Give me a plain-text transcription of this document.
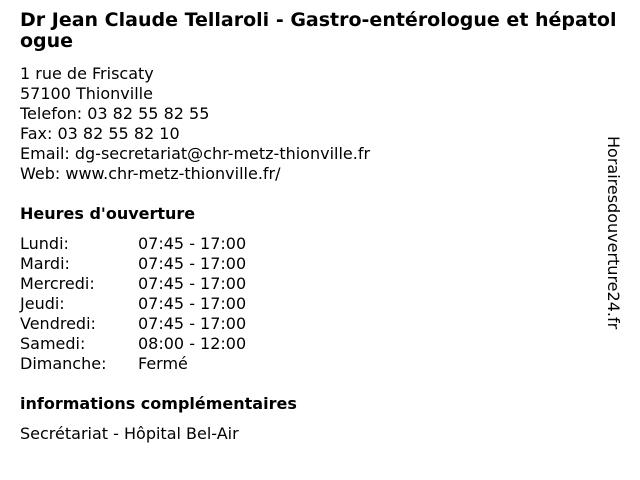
Dr Jean Claude Tellaroli - Gastro-entérologue et hépatologue
1 rue de Friscaty
57100 Thionville
Telefon: 03 82 55 82 55
Fax: 03 82 55 82 10
Email: dg-secretariat@chr-metz-thionville.fr
Web: www.chr-metz-thionville.fr/
Heures d'ouverture
Lundi:	07:45 - 17:00
Mardi:	07:45 - 17:00
Mercredi:	07:45 - 17:00
Jeudi:	07:45 - 17:00
Vendredi:	07:45 - 17:00
Samedi:	08:00 - 12:00
Dimanche:	Fermé
informations complémentaires
Secrétariat - Hôpital Bel-Air
Horairesdouverture24.fr
